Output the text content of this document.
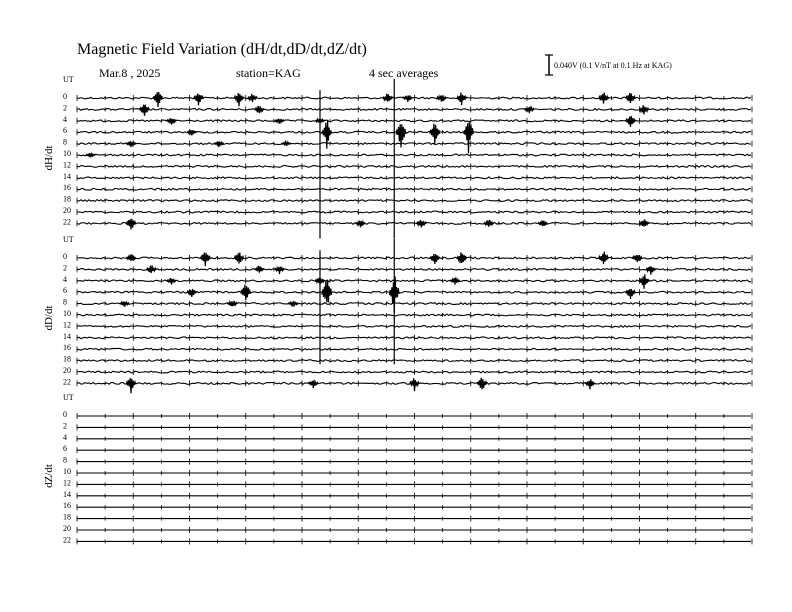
Magnetic Field Variation (dH/dt,dD/dt,dZ/dt)
Mar.8 , 2025	station=KAG	4 sec averages
0.040V (0.1 V/nT at 0.1 Hz at KAG)
UT
dH/dt
0
2
4
6
8
10
12
14
16
18
20
22
UT
dD/dt
0
2
4
6
8
10
12
14
16
18
20
22
UT
dZ/dt
0
2
4
6
8
10
12
14
16
18
20
22
